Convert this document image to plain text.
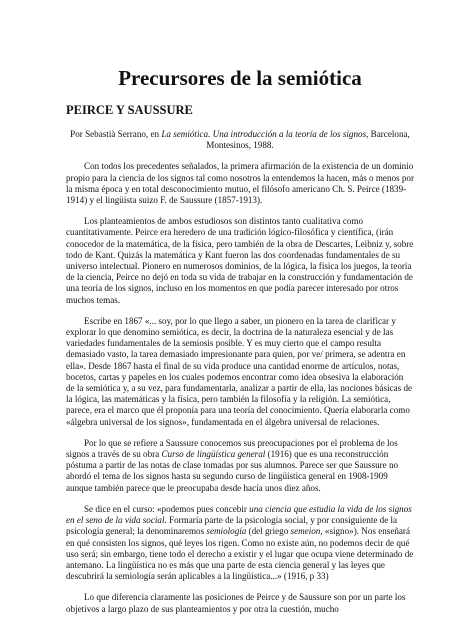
Precursores de la semiótica
PEIRCE Y SAUSSURE

Por Sebastià Serrano, en La semiótica. Una introducción a la teoría de los signos, Barcelona, Montesinos, 1988.

Con todos los precedentes señalados, la primera afirmación de la existencia de un dominio propio para la ciencia de los signos tal como nosotros la entendemos la hacen, más o menos por la misma época y en total desconocimiento mutuo, el filósofo americano Ch. S. Peirce (1839-1914) y el lingüista suizo F. de Saussure (1857-1913).

Los planteamientos de ambos estudiosos son distintos tanto cualitativa como cuantitativamente. Peirce era heredero de una tradición lógico-filosófica y científica, (irán conocedor de la matemática, de la física, pero también de la obra de Descartes, Leibniz y, sobre todo de Kant. Quizás la matemática y Kant fueron las dos coordenadas fundamentales de su universo intelectual. Pionero en numerosos dominios, de la lógica, la física los juegos, la teoría de la ciencia, Peirce no dejó en toda su vida de trabajar en la construcción y fundamentación de una teoría de los signos, incluso en los momentos en que podía parecer interesado por otros muchos temas.

Escribe en 1867 «... soy, por lo que llego a saber, un pionero en la tarea de clarificar y explorar lo que denomino semiótica, es decir, la doctrina de la naturaleza esencial y de las variedades fundamentales de la semiosis posible. Y es muy cierto que el campo resulta demasiado vasto, la tarea demasiado impresionante para quien, por ve/ primera, se adentra en ella». Desde 1867 hasta el final de su vida produce una cantidad enorme de artículos, notas, bocetos, cartas y papeles en los cuales podemos encontrar como idea obsesiva la elaboración de la semiótica y, a su vez, para fundamentarla, analizar a partir de ella, las nociones básicas de la lógica, las matemáticas y la física, pero también la filosofía y la religión. La semiótica, parece, era el marco que él proponía para una teoría del conocimiento. Quería elaborarla como «álgebra universal de los signos», fundamentada en el álgebra universal de relaciones.

Por lo que se refiere a Saussure conocemos sus preocupaciones por el problema de los signos a través de su obra Curso de lingüística general (1916) que es una reconstrucción póstuma a partir de las notas de clase tomadas por sus alumnos. Parece ser que Saussure no abordó el tema de los signos hasta su segundo curso de lingüística general en 1908-1909 aunque también parece que le preocupaba desde hacía unos diez años.

Se dice en el curso: «podemos pues concebir una ciencia que estudia la vida de los signos en el seno de la vida social. Formaría parte de la psicología social, y por consiguiente de la psicología general; la denominaremos semiología (del griego semeion, «signo»). Nos enseñará en qué consisten los signos, qué leyes los rigen. Como no existe aún, no podemos decir de qué uso será; sin embargo, tiene todo el derecho a existir y el lugar que ocupa viene determinado de antemano. La lingüística no es más que una parte de esta ciencia general y las leyes que descubrirá la semiología serán aplicables a la lingüística...» (1916, p 33)

Lo que diferencia claramente las posiciones de Peirce y de Saussure son por un parte los objetivos a largo plazo de sus planteamientos y por otra la cuestión, mucho
